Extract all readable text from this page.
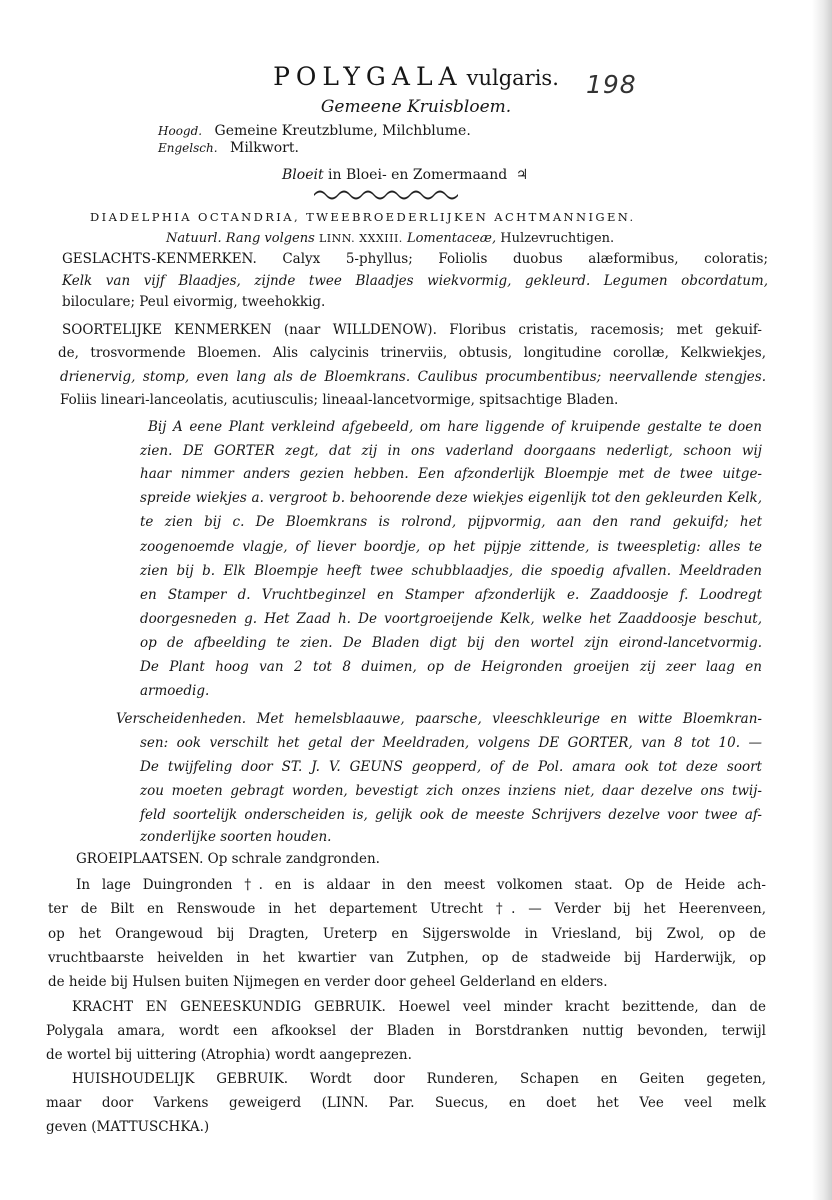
198
POLYGALA vulgaris.
Gemeene Kruisbloem.
Hoogd. Gemeine Kreutzblume, Milchblume.
Engelsch. Milkwort.
Bloeit in Bloei- en Zomermaand ♃
DIADELPHIA OCTANDRIA, TWEEBROEDERLIJKEN ACHTMANNIGEN.
Natuurl. Rang volgens LINN. XXXIII. Lomentaceæ, Hulzevruchtigen.
GESLACHTS-KENMERKEN. Calyx 5-phyllus; Foliolis duobus alæformibus, coloratis;
Kelk van vijf Blaadjes, zijnde twee Blaadjes wiekvormig, gekleurd. Legumen obcordatum,
biloculare; Peul eivormig, tweehokkig.
SOORTELIJKE KENMERKEN (naar WILLDENOW). Floribus cristatis, racemosis; met gekuif-
de, trosvormende Bloemen. Alis calycinis trinerviis, obtusis, longitudine corollæ, Kelkwiekjes,
drienervig, stomp, even lang als de Bloemkrans. Caulibus procumbentibus; neervallende stengjes.
Foliis lineari-lanceolatis, acutiusculis; lineaal-lancetvormige, spitsachtige Bladen.
Bij A eene Plant verkleind afgebeeld, om hare liggende of kruipende gestalte te doen
zien. DE GORTER zegt, dat zij in ons vaderland doorgaans nederligt, schoon wij
haar nimmer anders gezien hebben. Een afzonderlijk Bloempje met de twee uitge-
spreide wiekjes a. vergroot b. behoorende deze wiekjes eigenlijk tot den gekleurden Kelk,
te zien bij c. De Bloemkrans is rolrond, pijpvormig, aan den rand gekuifd; het
zoogenoemde vlagje, of liever boordje, op het pijpje zittende, is tweespletig: alles te
zien bij b. Elk Bloempje heeft twee schubblaadjes, die spoedig afvallen. Meeldraden
en Stamper d. Vruchtbeginzel en Stamper afzonderlijk e. Zaaddoosje f. Loodregt
doorgesneden g. Het Zaad h. De voortgroeijende Kelk, welke het Zaaddoosje beschut,
op de afbeelding te zien. De Bladen digt bij den wortel zijn eirond-lancetvormig.
De Plant hoog van 2 tot 8 duimen, op de Heigronden groeijen zij zeer laag en
armoedig.
Verscheidenheden. Met hemelsblaauwe, paarsche, vleeschkleurige en witte Bloemkran-
sen: ook verschilt het getal der Meeldraden, volgens DE GORTER, van 8 tot 10. —
De twijfeling door ST. J. V. GEUNS geopperd, of de Pol. amara ook tot deze soort
zou moeten gebragt worden, bevestigt zich onzes inziens niet, daar dezelve ons twij-
feld soortelijk onderscheiden is, gelijk ook de meeste Schrijvers dezelve voor twee af-
zonderlijke soorten houden.
GROEIPLAATSEN. Op schrale zandgronden.
In lage Duingronden †. en is aldaar in den meest volkomen staat. Op de Heide ach-
ter de Bilt en Renswoude in het departement Utrecht †. — Verder bij het Heerenveen,
op het Orangewoud bij Dragten, Ureterp en Sijgerswolde in Vriesland, bij Zwol, op de
vruchtbaarste heivelden in het kwartier van Zutphen, op de stadweide bij Harderwijk, op
de heide bij Hulsen buiten Nijmegen en verder door geheel Gelderland en elders.
KRACHT EN GENEESKUNDIG GEBRUIK. Hoewel veel minder kracht bezittende, dan de
Polygala amara, wordt een afkooksel der Bladen in Borstdranken nuttig bevonden, terwijl
de wortel bij uittering (Atrophia) wordt aangeprezen.
HUISHOUDELIJK GEBRUIK. Wordt door Runderen, Schapen en Geiten gegeten,
maar door Varkens geweigerd (LINN. Par. Suecus, en doet het Vee veel melk
geven (MATTUSCHKA.)
